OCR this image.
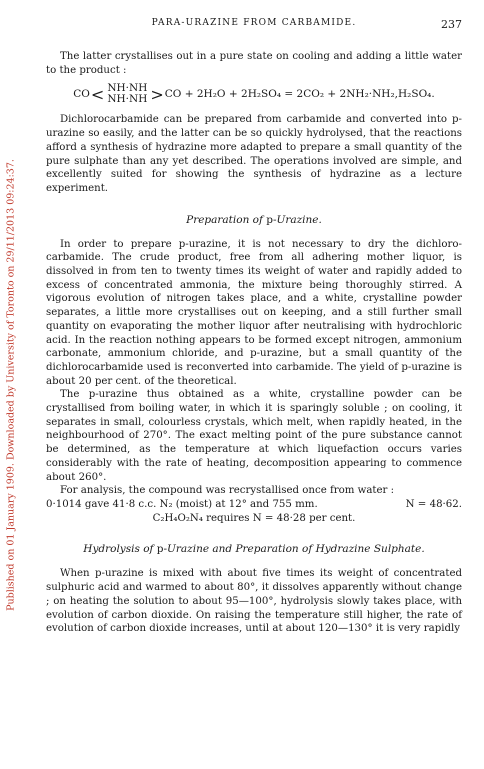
Published on 01 January 1909. Downloaded by University of Toronto on 29/11/2013 09:24:37.
PARA-URAZINE FROM CARBAMIDE.	237

The latter crystallises out in a pure state on cooling and adding a little water to the product :

CO < NH·NH
NH·NH > CO + 2H₂O + 2H₂SO₄ = 2CO₂ + 2NH₂·NH₂,H₂SO₄.

Dichlorocarbamide can be prepared from carbamide and converted into p-urazine so easily, and the latter can be so quickly hydrolysed, that the reactions afford a synthesis of hydrazine more adapted to prepare a small quantity of the pure sulphate than any yet described. The operations involved are simple, and excellently suited for showing the synthesis of hydrazine as a lecture experiment.

Preparation of p-Urazine.

In order to prepare p-urazine, it is not necessary to dry the dichloro-carbamide. The crude product, free from all adhering mother liquor, is dissolved in from ten to twenty times its weight of water and rapidly added to excess of concentrated ammonia, the mixture being thoroughly stirred. A vigorous evolution of nitrogen takes place, and a white, crystalline powder separates, a little more crystallises out on keeping, and a still further small quantity on evaporating the mother liquor after neutralising with hydrochloric acid. In the reaction nothing appears to be formed except nitrogen, ammonium carbonate, ammonium chloride, and p-urazine, but a small quantity of the dichlorocarbamide used is reconverted into carbamide. The yield of p-urazine is about 20 per cent. of the theoretical.

The p-urazine thus obtained as a white, crystalline powder can be crystallised from boiling water, in which it is sparingly soluble ; on cooling, it separates in small, colourless crystals, which melt, when rapidly heated, in the neighbourhood of 270°. The exact melting point of the pure substance cannot be determined, as the temperature at which liquefaction occurs varies considerably with the rate of heating, decomposition appearing to commence about 260°.

For analysis, the compound was recrystallised once from water :

0·1014 gave 41·8 c.c. N₂ (moist) at 12° and 755 mm.	N = 48·62.
C₂H₄O₂N₄ requires N = 48·28 per cent.
Hydrolysis of p-Urazine and Preparation of Hydrazine Sulphate.

When p-urazine is mixed with about five times its weight of concentrated sulphuric acid and warmed to about 80°, it dissolves apparently without change ; on heating the solution to about 95—100°, hydrolysis slowly takes place, with evolution of carbon dioxide. On raising the temperature still higher, the rate of evolution of carbon dioxide increases, until at about 120—130° it is very rapidly
